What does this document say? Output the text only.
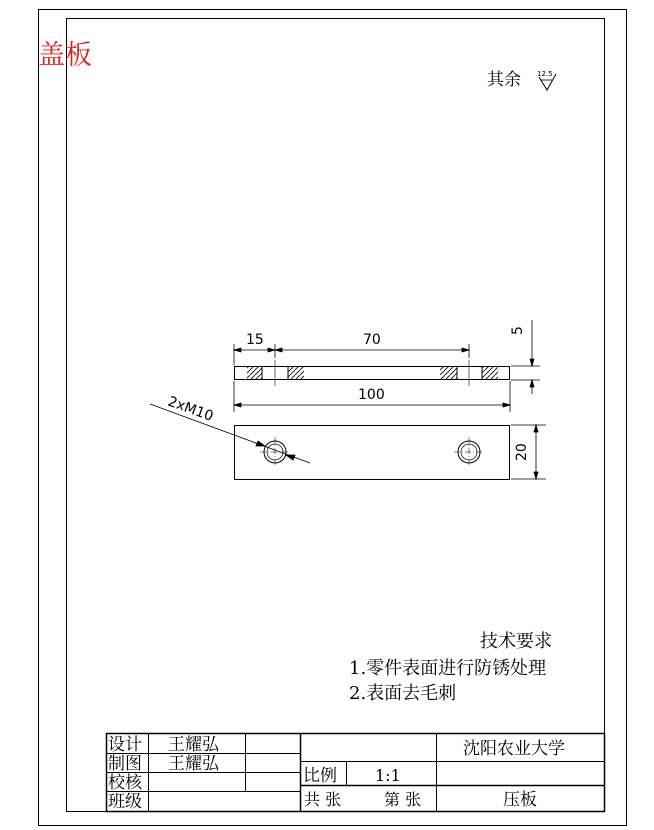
盖板
其余 12.5
15	70
5
100
2xM10
20
技术要求
1.零件表面进行防锈处理
2.表面去毛刺
设计 王耀弘
制图 王耀弘
校核
班级
沈阳农业大学
比例 1:1
共 张	第 张	压板
